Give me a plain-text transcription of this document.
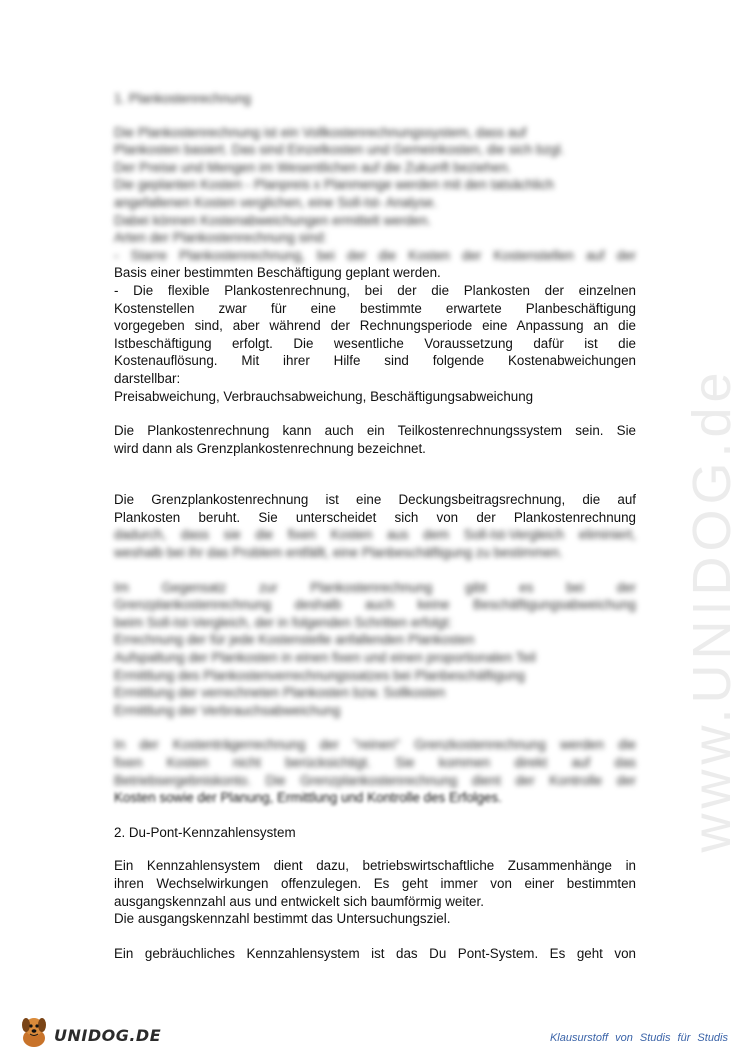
www.UNIDOG.de
1. Plankostenrechnung
Die Plankostenrechnung ist ein Vollkostenrechnungssystem, dass auf
Plankosten basiert. Das sind Einzelkosten und Gemeinkosten, die sich bzgl.
Der Preise und Mengen im Wesentlichen auf die Zukunft beziehen.
Die geplanten Kosten - Planpreis x Planmenge werden mit den tatsächlich
angefallenen Kosten verglichen, eine Soll-Ist- Analyse.
Dabei können Kostenabweichungen ermittelt werden.
Arten der Plankostenrechnung sind:
- Starre Plankostenrechnung, bei der die Kosten der Kostenstellen auf der
Basis einer bestimmten Beschäftigung geplant werden.
- Die flexible Plankostenrechnung, bei der die Plankosten der einzelnen
Kostenstellen zwar für eine bestimmte erwartete Planbeschäftigung
vorgegeben sind, aber während der Rechnungsperiode eine Anpassung an die
Istbeschäftigung erfolgt. Die wesentliche Voraussetzung dafür ist die
Kostenauflösung. Mit ihrer Hilfe sind folgende Kostenabweichungen
darstellbar:
Preisabweichung, Verbrauchsabweichung, Beschäftigungsabweichung
Die Plankostenrechnung kann auch ein Teilkostenrechnungssystem sein. Sie
wird dann als Grenzplankostenrechnung bezeichnet.
Die Grenzplankostenrechnung ist eine Deckungsbeitragsrechnung, die auf
Plankosten beruht. Sie unterscheidet sich von der Plankostenrechnung
dadurch, dass sie die fixen Kosten aus dem Soll-Ist-Vergleich eliminiert,
weshalb bei ihr das Problem entfällt, eine Planbeschäftigung zu bestimmen.
Im Gegensatz zur Plankostenrechnung gibt es bei der
Grenzplankostenrechnung deshalb auch keine Beschäftigungsabweichung
beim Soll-Ist-Vergleich, der in folgenden Schritten erfolgt:
Errechnung der für jede Kostenstelle anfallenden Plankosten
Aufspaltung der Plankosten in einen fixen und einen proportionalen Teil
Ermittlung des Plankostenverrechnungssatzes bei Planbeschäftigung
Ermittlung der verrechneten Plankosten bzw. Sollkosten
Ermittlung der Verbrauchsabweichung
In der Kostenträgerrechnung der "reinen" Grenzkostenrechnung werden die
fixen Kosten nicht berücksichtigt. Sie kommen direkt auf das
Betriebsergebniskonto. Die Grenzplankostenrechnung dient der Kontrolle der
Kosten sowie der Planung, Ermittlung und Kontrolle des Erfolges.
2. Du-Pont-Kennzahlensystem
Ein Kennzahlensystem dient dazu, betriebswirtschaftliche Zusammenhänge in
ihren Wechselwirkungen offenzulegen. Es geht immer von einer bestimmten
ausgangskennzahl aus und entwickelt sich baumförmig weiter.
Die ausgangskennzahl bestimmt das Untersuchungsziel.
Ein gebräuchliches Kennzahlensystem ist das Du Pont-System. Es geht von
UNIDOG.DE	Klausurstoff von Studis für Studis
